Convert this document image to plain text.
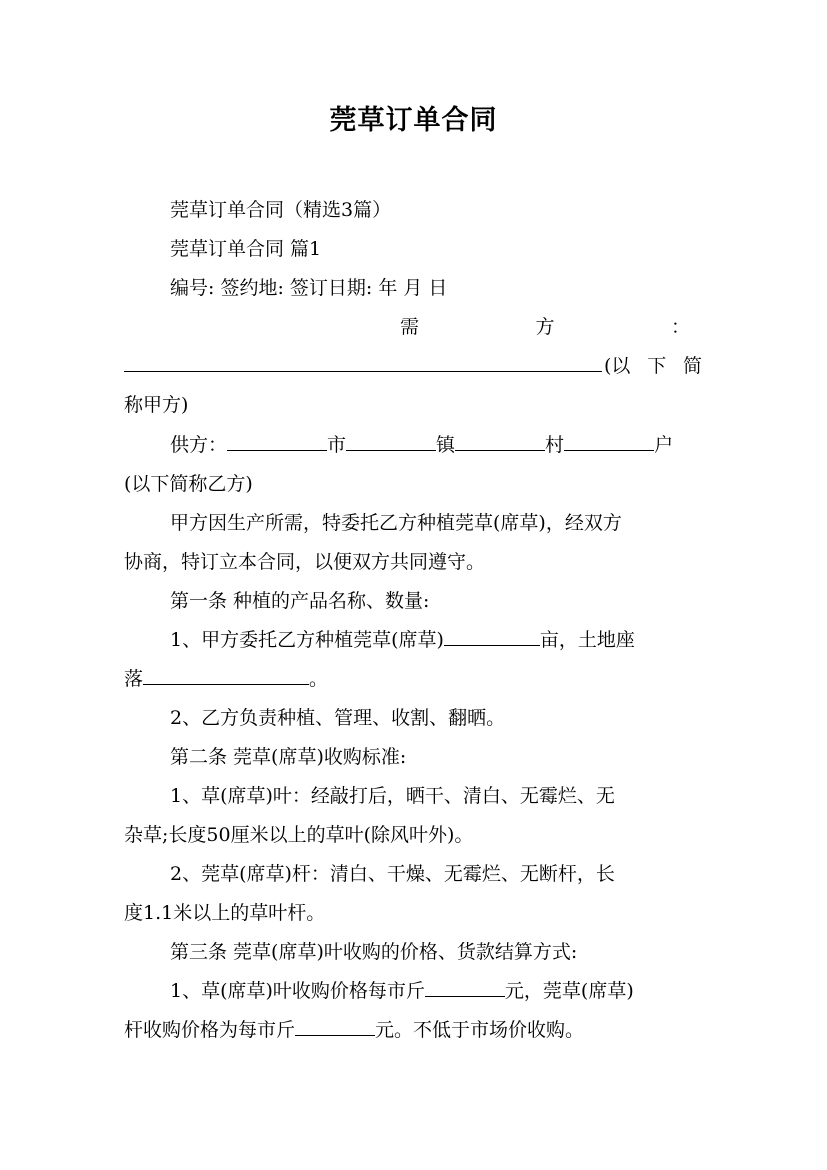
莞草订单合同
莞草订单合同（精选3篇）
莞草订单合同 篇1
编号: 签约地: 签订日期: 年 月 日
需	方	：
(以 下 简
称甲方)
供方：	市	镇	村	户
(以下简称乙方)
甲方因生产所需，特委托乙方种植莞草(席草)，经双方
协商，特订立本合同，以便双方共同遵守。
第一条 种植的产品名称、数量:
1、甲方委托乙方种植莞草(席草)	亩，土地座
落	。
2、乙方负责种植、管理、收割、翻晒。
第二条 莞草(席草)收购标准:
1、草(席草)叶：经敲打后，晒干、清白、无霉烂、无
杂草;长度50厘米以上的草叶(除风叶外)。
2、莞草(席草)杆：清白、干燥、无霉烂、无断杆，长
度1.1米以上的草叶杆。
第三条 莞草(席草)叶收购的价格、货款结算方式:
1、草(席草)叶收购价格每市斤	元，莞草(席草)
杆收购价格为每市斤	元。不低于市场价收购。
